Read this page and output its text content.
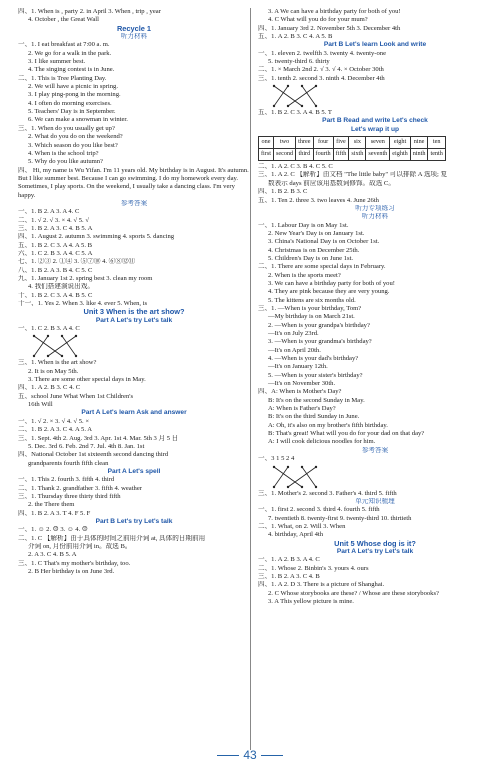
四、1. When is , party 2. in April 3. When , trip , year
4. October , the Great Wall
Recycle 1
听力材料
一、1. I eat breakfast at 7:00 a. m.
2. We go for a walk in the park.
3. I like summer best.
4. The singing contest is in June.
二、1. This is Tree Planting Day.
2. We will have a picnic in spring.
3. I play ping-pong in the morning.
4. I often do morning exercises.
5. Teachers' Day is in September.
6. We can make a snowman in winter.
三、1. When do you usually get up?
2. What do you do on the weekend?
3. Which season do you like best?
4. When is the school trip?
5. Why do you like autumn?
四、 Hi, my name is Wu Yifan. I'm 11 years old. My birthday is in August. It's autumn. But I like summer best. Because I can go swimming. I do my homework every day. Sometimes, I play sports. On the weekend, I usually take a dancing class. I'm very happy.
参考答案
一、1. B 2. A 3. A 4. C
二、1. √ 2. √ 3. × 4. √ 5. √
三、1. B 2. A 3. C 4. B 5. A
四、1. August 2. autumn 3. swimming 4. sports 5. dancing
五、1. B 2. C 3. A 4. A 5. B
六、1. C 2. B 3. A 4. C 5. A
七、1. ②③ 2. ①④ 3. ⑤⑦⑩ 4. ⑥⑧⑫⑪
八、1. B 2. A 3. B 4. C 5. C
九、1. January 1st 2. spring best 3. clean my room
4. 我们搭建演说出戏。
十、1. B 2. C 3. A 4. B 5. C
十一、1. Yes 2. When 3. like 4. ever 5. When, is
Unit 3 When is the art show?
Part A Let's try Let's talk
一、1. C 2. B 3. A 4. C
三、1. When is the art show?
2. It is on May 5th.
3. There are some other special days in May.
四、1. A 2. B 3. C 4. C
五、school June What When 1st Children's
16th Will
Part A Let's learn Ask and answer
一、1. √ 2. × 3. √ 4. √ 5. ×
二、1. B 2. A 3. C 4. A 5. A
三、1. Sept. 4th 2. Aug. 3rd 3. Apr. 1st 4. Mar. 5th 3 月 5 日
5. Dec. 3rd 6. Feb. 2nd 7. Jul. 4th 8. Jan. 1st
四、National October 1st sixteenth second dancing third
grandparents fourth fifth clean
Part A Let's spell
一、1. This 2. fourth 3. fifth 4. third
二、1. Thank 2. grandfather 3. fifth 4. weather
三、1. Thursday three thirty third fifth
2. the There them
四、1. B 2. A 3. T 4. F 5. F
Part B Let's try Let's talk
一、1. ☺ 2. ☹ 3. ☺ 4. ☹
二、1. C 【解析】由于具体的时间之前用介词 at, 具体的日期前用
介词 on, 月份前用介词 in。故选 B。
2. A 3. C 4. B 5. A
三、1. C That's my mother's birthday, too.
2. B Her birthday is on June 3rd.
3. A We can have a birthday party for both of you!
4. C What will you do for your mum?
四、1. January 3rd 2. November 5th 3. December 4th
五、1. A 2. B 3. C 4. A 5. B
Part B Let's learn Look and write
一、1. eleven 2. twelfth 3. twenty 4. twenty-one
5. twenty-third 6. thirty
二、1. × March 2nd 2. √ 3. √ 4. × October 30th
三、1. tenth 2. second 3. ninth 4. December 4th
五、1. B 2. C 3. A 4. B 5. T
Part B Read and write Let's check
Let's wrap it up
one	two	three	four	five	six	seven	eight	nine	ten
first	second	third	fourth	fifth	sixth	seventh	eighth	ninth	tenth
二、1. A 2. C 3. B 4. C 5. C
三、1. A 2. C 【解析】由文档 "The little baby" 可以排除 A 选项; 复
数表示 days 前应该用基数词修饰。故选 C。
四、1. B 2. B 3. C
五、1. Ten 2. three 3. two leaves 4. June 26th
听力专项练习
听力材料
一、1. Labour Day is on May 1st.
2. New Year's Day is on January 1st.
3. China's National Day is on October 1st.
4. Christmas is on December 25th.
5. Children's Day is on June 1st.
二、1. There are some special days in February.
2. When is the sports meet?
3. We can have a birthday party for both of you!
4. They are pink because they are very young.
5. The kittens are six months old.
三、1. —When is your birthday, Tom?
—My birthday is on March 21st.
2. —When is your grandpa's birthday?
—It's on July 23rd.
3. —When is your grandma's birthday?
—It's on April 20th.
4. —When is your dad's birthday?
—It's on January 12th.
5. —When is your sister's birthday?
—It's on November 30th.
四、A: When is Mother's Day?
B: It's on the second Sunday in May.
A: When is Father's Day?
B: It's on the third Sunday in June.
A: Oh, it's also on my brother's fifth birthday.
B: That's great! What will you do for your dad on that day?
A: I will cook delicious noodles for him.
参考答案
一、3 1 5 2 4
三、1. Mother's 2. second 3. Father's 4. third 5. fifth
单元知识梳理
一、1. first 2. second 3. third 4. fourth 5. fifth
7. twentieth 8. twenty-first 9. twenty-third 10. thirtieth
二、1. What, on 2. Will 3. When
4. birthday, April 4th
Unit 5 Whose dog is it?
Part A Let's try Let's talk
一、1. A 2. B 3. A 4. C
二、1. Whose 2. Binbin's 3. yours 4. ours
三、1. B 2. A 3. C 4. B
四、1. A 2. D 3. There is a picture of Shanghai.
2. C Whose storybooks are these? / Whose are these storybooks?
3. A This yellow picture is mine.
43
